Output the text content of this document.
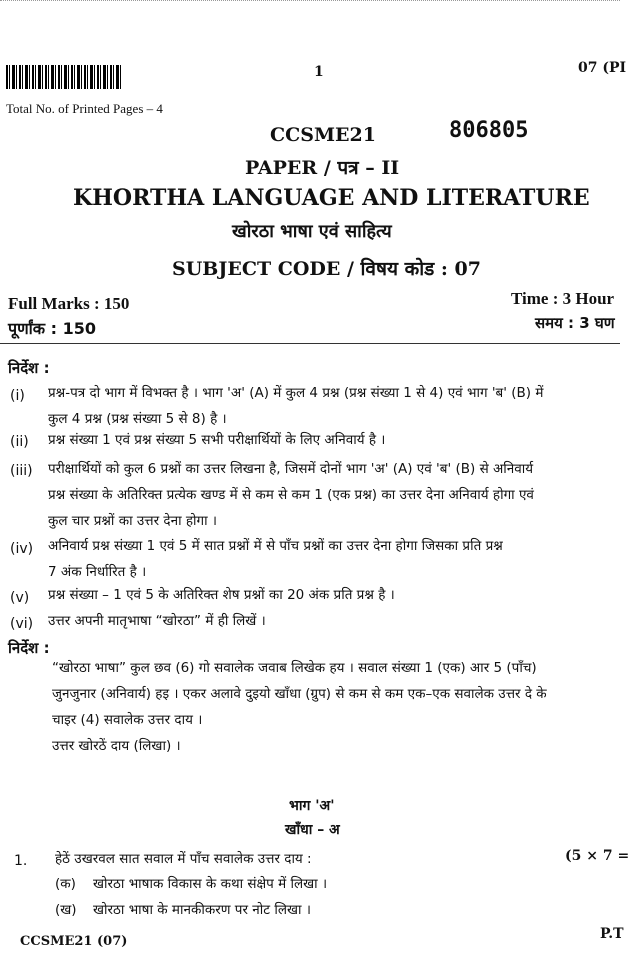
1	07 (PI
Total No. of Printed Pages – 4
CCSME21	806805
PAPER / पत्र – II
KHORTHA LANGUAGE AND LITERATURE
खोरठा भाषा एवं साहित्य
SUBJECT CODE / विषय कोड : 07
Full Marks : 150
पूर्णांक : 150
Time : 3 Hour
समय : 3 घण
निर्देश :
(i) प्रश्न-पत्र दो भाग में विभक्त है । भाग 'अ' (A) में कुल 4 प्रश्न (प्रश्न संख्या 1 से 4) एवं भाग 'ब' (B) में
कुल 4 प्रश्न (प्रश्न संख्या 5 से 8) है ।
(ii) प्रश्न संख्या 1 एवं प्रश्न संख्या 5 सभी परीक्षार्थियों के लिए अनिवार्य है ।
(iii) परीक्षार्थियों को कुल 6 प्रश्नों का उत्तर लिखना है, जिसमें दोनों भाग 'अ' (A) एवं 'ब' (B) से अनिवार्य
प्रश्न संख्या के अतिरिक्त प्रत्येक खण्ड में से कम से कम 1 (एक प्रश्न) का उत्तर देना अनिवार्य होगा एवं
कुल चार प्रश्नों का उत्तर देना होगा ।
(iv) अनिवार्य प्रश्न संख्या 1 एवं 5 में सात प्रश्नों में से पाँच प्रश्नों का उत्तर देना होगा जिसका प्रति प्रश्न
7 अंक निर्धारित है ।
(v) प्रश्न संख्या – 1 एवं 5 के अतिरिक्त शेष प्रश्नों का 20 अंक प्रति प्रश्न है ।
(vi) उत्तर अपनी मातृभाषा “खोरठा” में ही लिखें ।
निर्देश :
“खोरठा भाषा” कुल छव (6) गो सवालेक जवाब लिखेक हय । सवाल संख्या 1 (एक) आर 5 (पाँच)
जुनजुनार (अनिवार्य) हइ । एकर अलावे दुइयो खाँधा (ग्रुप) से कम से कम एक–एक सवालेक उत्तर दे के
चाइर (4) सवालेक उत्तर दाय ।
उत्तर खोरठें दाय (लिखा) ।
भाग 'अ'
खाँधा – अ
1. हेठें उखरवल सात सवाल में पाँच सवालेक उत्तर दाय :	(5 × 7 =
(क) खोरठा भाषाक विकास के कथा संक्षेप में लिखा ।
(ख) खोरठा भाषा के मानकीकरण पर नोट लिखा ।
CCSME21 (07)	P.T
